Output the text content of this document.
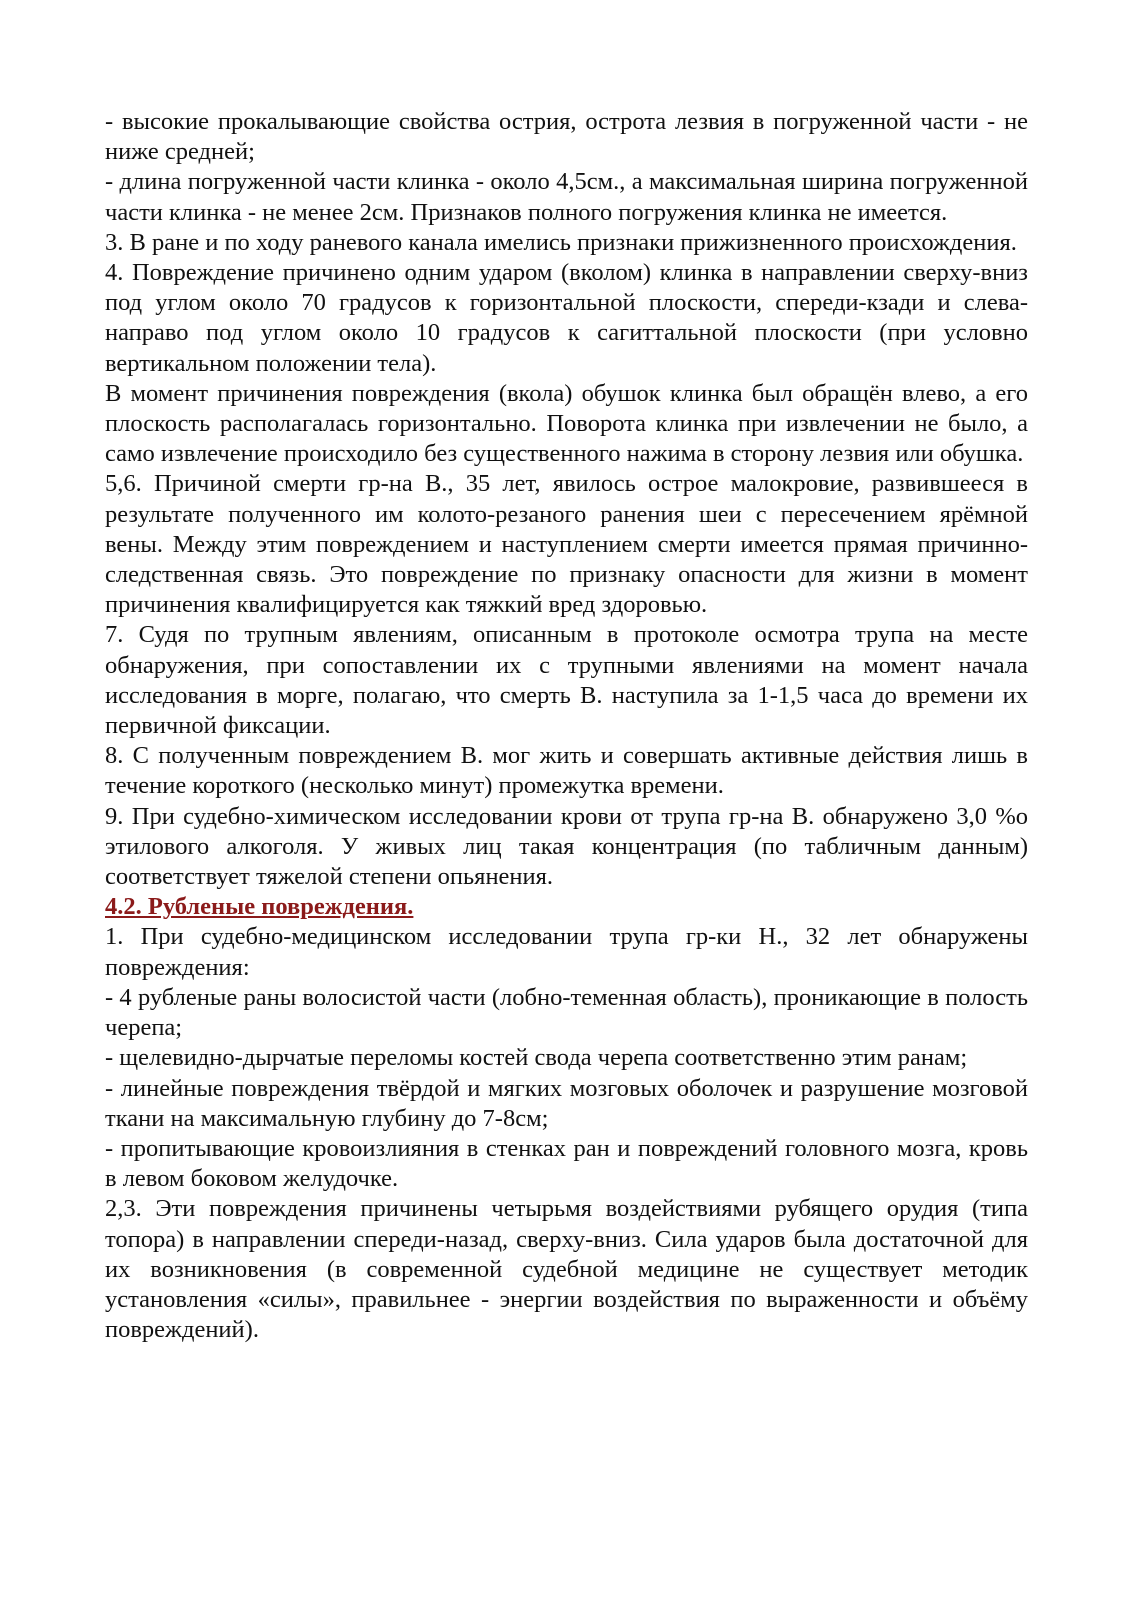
- высокие прокалывающие свойства острия, острота лезвия в погруженной части - не ниже средней;

- длина погруженной части клинка - около 4,5см., а максимальная ширина погруженной части клинка - не менее 2см. Признаков полного погружения клинка не имеется.

3. В ране и по ходу раневого канала имелись признаки прижизненного происхождения.

4. Повреждение причинено одним ударом (вколом) клинка в направлении сверху-вниз под углом около 70 градусов к горизонтальной плоскости, спереди-кзади и слева-направо под углом около 10 градусов к сагиттальной плоскости (при условно вертикальном положении тела).

В момент причинения повреждения (вкола) обушок клинка был обращён влево, а его плоскость располагалась горизонтально. Поворота клинка при извлечении не было, а само извлечение происходило без существенного нажима в сторону лезвия или обушка.

5,6. Причиной смерти гр-на В., 35 лет, явилось острое малокровие, развившееся в результате полученного им колото-резаного ранения шеи с пересечением ярёмной вены. Между этим повреждением и наступлением смерти имеется прямая причинно-следственная связь. Это повреждение по признаку опасности для жизни в момент причинения квалифицируется как тяжкий вред здоровью.

7. Судя по трупным явлениям, описанным в протоколе осмотра трупа на месте обнаружения, при сопоставлении их с трупными явлениями на момент начала исследования в морге, полагаю, что смерть В. наступила за 1-1,5 часа до времени их первичной фиксации.

8. С полученным повреждением В. мог жить и совершать активные действия лишь в течение короткого (несколько минут) промежутка времени.

9. При судебно-химическом исследовании крови от трупа гр-на В. обнаружено 3,0 %о этилового алкоголя. У живых лиц такая концентрация (по табличным данным) соответствует тяжелой степени опьянения.

4.2. Рубленые повреждения.

1. При судебно-медицинском исследовании трупа гр-ки Н., 32 лет обнаружены повреждения:

- 4 рубленые раны волосистой части (лобно-теменная область), проникающие в полость черепа;

- щелевидно-дырчатые переломы костей свода черепа соответственно этим ранам;

- линейные повреждения твёрдой и мягких мозговых оболочек и разрушение мозговой ткани на максимальную глубину до 7-8см;

- пропитывающие кровоизлияния в стенках ран и повреждений головного мозга, кровь в левом боковом желудочке.

2,3. Эти повреждения причинены четырьмя воздействиями рубящего орудия (типа топора) в направлении спереди-назад, сверху-вниз. Сила ударов была достаточной для их возникновения (в современной судебной медицине не существует методик установления «силы», правильнее - энергии воздействия по выраженности и объёму повреждений).
